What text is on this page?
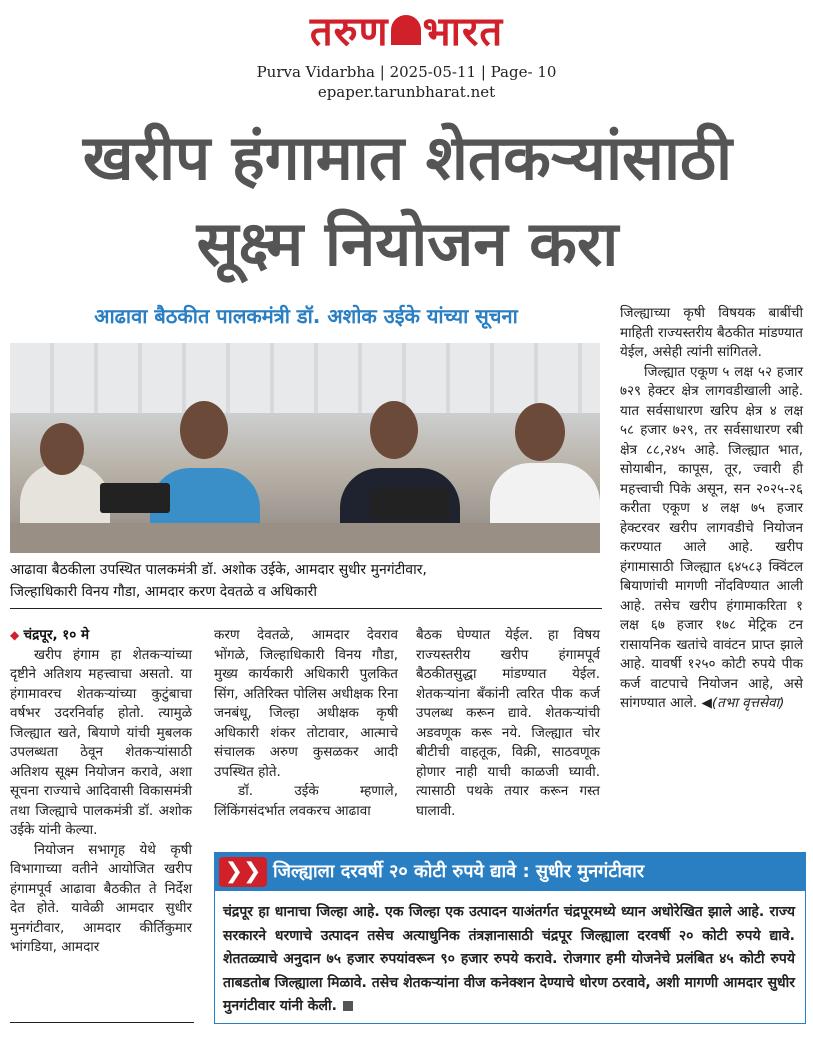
तरुण भारत
Purva Vidarbha | 2025-05-11 | Page- 10
epaper.tarunbharat.net
खरीप हंगामात शेतकऱ्यांसाठी
सूक्ष्म नियोजन करा
आढावा बैठकीत पालकमंत्री डॉ. अशोक उईके यांच्या सूचना
आढावा बैठकीला उपस्थित पालकमंत्री डॉ. अशोक उईके, आमदार सुधीर मुनगंटीवार,
जिल्हाधिकारी विनय गौडा, आमदार करण देवतळे व अधिकारी

◆ चंद्रपूर, १० मे

खरीप हंगाम हा शेतकऱ्यांच्या दृष्टीने अतिशय महत्त्वाचा असतो. या हंगामावरच शेतकऱ्यांच्या कुटुंबाचा वर्षभर उदरनिर्वाह होतो. त्यामुळे जिल्ह्यात खते, बियाणे यांची मुबलक उपलब्धता ठेवून शेतकऱ्यांसाठी अतिशय सूक्ष्म नियोजन करावे, अशा सूचना राज्याचे आदिवासी विकासमंत्री तथा जिल्ह्याचे पालकमंत्री डॉ. अशोक उईके यांनी केल्या.

नियोजन सभागृह येथे कृषी विभागाच्या वतीने आयोजित खरीप हंगामपूर्व आढावा बैठकीत ते निर्देश देत होते. यावेळी आमदार सुधीर मुनगंटीवार, आमदार कीर्तिकुमार भांगडिया, आमदार

करण देवतळे, आमदार देवराव भोंगळे, जिल्हाधिकारी विनय गौडा, मुख्य कार्यकारी अधिकारी पुलकित सिंग, अतिरिक्त पोलिस अधीक्षक रिना जनबंधू, जिल्हा अधीक्षक कृषी अधिकारी शंकर तोटावार, आत्माचे संचालक अरुण कुसळकर आदी उपस्थित होते.

डॉ. उईके म्हणाले, लिंकिंगसंदर्भात लवकरच आढावा

बैठक घेण्यात येईल. हा विषय राज्यस्तरीय खरीप हंगामपूर्व बैठकीतसुद्धा मांडण्यात येईल. शेतकऱ्यांना बँकांनी त्वरित पीक कर्ज उपलब्ध करून द्यावे. शेतकऱ्यांची अडवणूक करू नये. जिल्ह्यात चोर बीटीची वाहतूक, विक्री, साठवणूक होणार नाही याची काळजी घ्यावी. त्यासाठी पथके तयार करून गस्त घालावी.

जिल्ह्याच्या कृषी विषयक बाबींची माहिती राज्यस्तरीय बैठकीत मांडण्यात येईल, असेही त्यांनी सांगितले.

जिल्ह्यात एकूण ५ लक्ष ५२ हजार ७२९ हेक्टर क्षेत्र लागवडीखाली आहे. यात सर्वसाधारण खरिप क्षेत्र ४ लक्ष ५८ हजार ७२९, तर सर्वसाधारण रबी क्षेत्र ८८,२४५ आहे. जिल्ह्यात भात, सोयाबीन, कापूस, तूर, ज्वारी ही महत्त्वाची पिके असून, सन २०२५-२६ करीता एकूण ४ लक्ष ७५ हजार हेक्टरवर खरीप लागवडीचे नियोजन करण्यात आले आहे. खरीप हंगामासाठी जिल्ह्यात ६४५८३ क्विंटल बियाणांची मागणी नोंदविण्यात आली आहे. तसेच खरीप हंगामाकरिता १ लक्ष ६७ हजार १७८ मेट्रिक टन रासायनिक खतांचे वावंटन प्राप्त झाले आहे. यावर्षी १२५० कोटी रुपये पीक कर्ज वाटपाचे नियोजन आहे, असे सांगण्यात आले. ◀(तभा वृत्तसेवा)

❯❯ जिल्ह्याला दरवर्षी २० कोटी रुपये द्यावे : सुधीर मुनगंटीवार
चंद्रपूर हा धानाचा जिल्हा आहे. एक जिल्हा एक उत्पादन याअंतर्गत चंद्रपूरमध्ये ध्यान अधोरेखित झाले आहे. राज्य सरकारने धरणाचे उत्पादन तसेच अत्याधुनिक तंत्रज्ञानासाठी चंद्रपूर जिल्ह्याला दरवर्षी २० कोटी रुपये द्यावे. शेततळ्याचे अनुदान ७५ हजार रुपयांवरून ९० हजार रुपये करावे. रोजगार हमी योजनेचे प्रलंबित ४५ कोटी रुपये ताबडतोब जिल्ह्याला मिळावे. तसेच शेतकऱ्यांना वीज कनेक्शन देण्याचे धोरण ठरवावे, अशी मागणी आमदार सुधीर मुनगंटीवार यांनी केली.
